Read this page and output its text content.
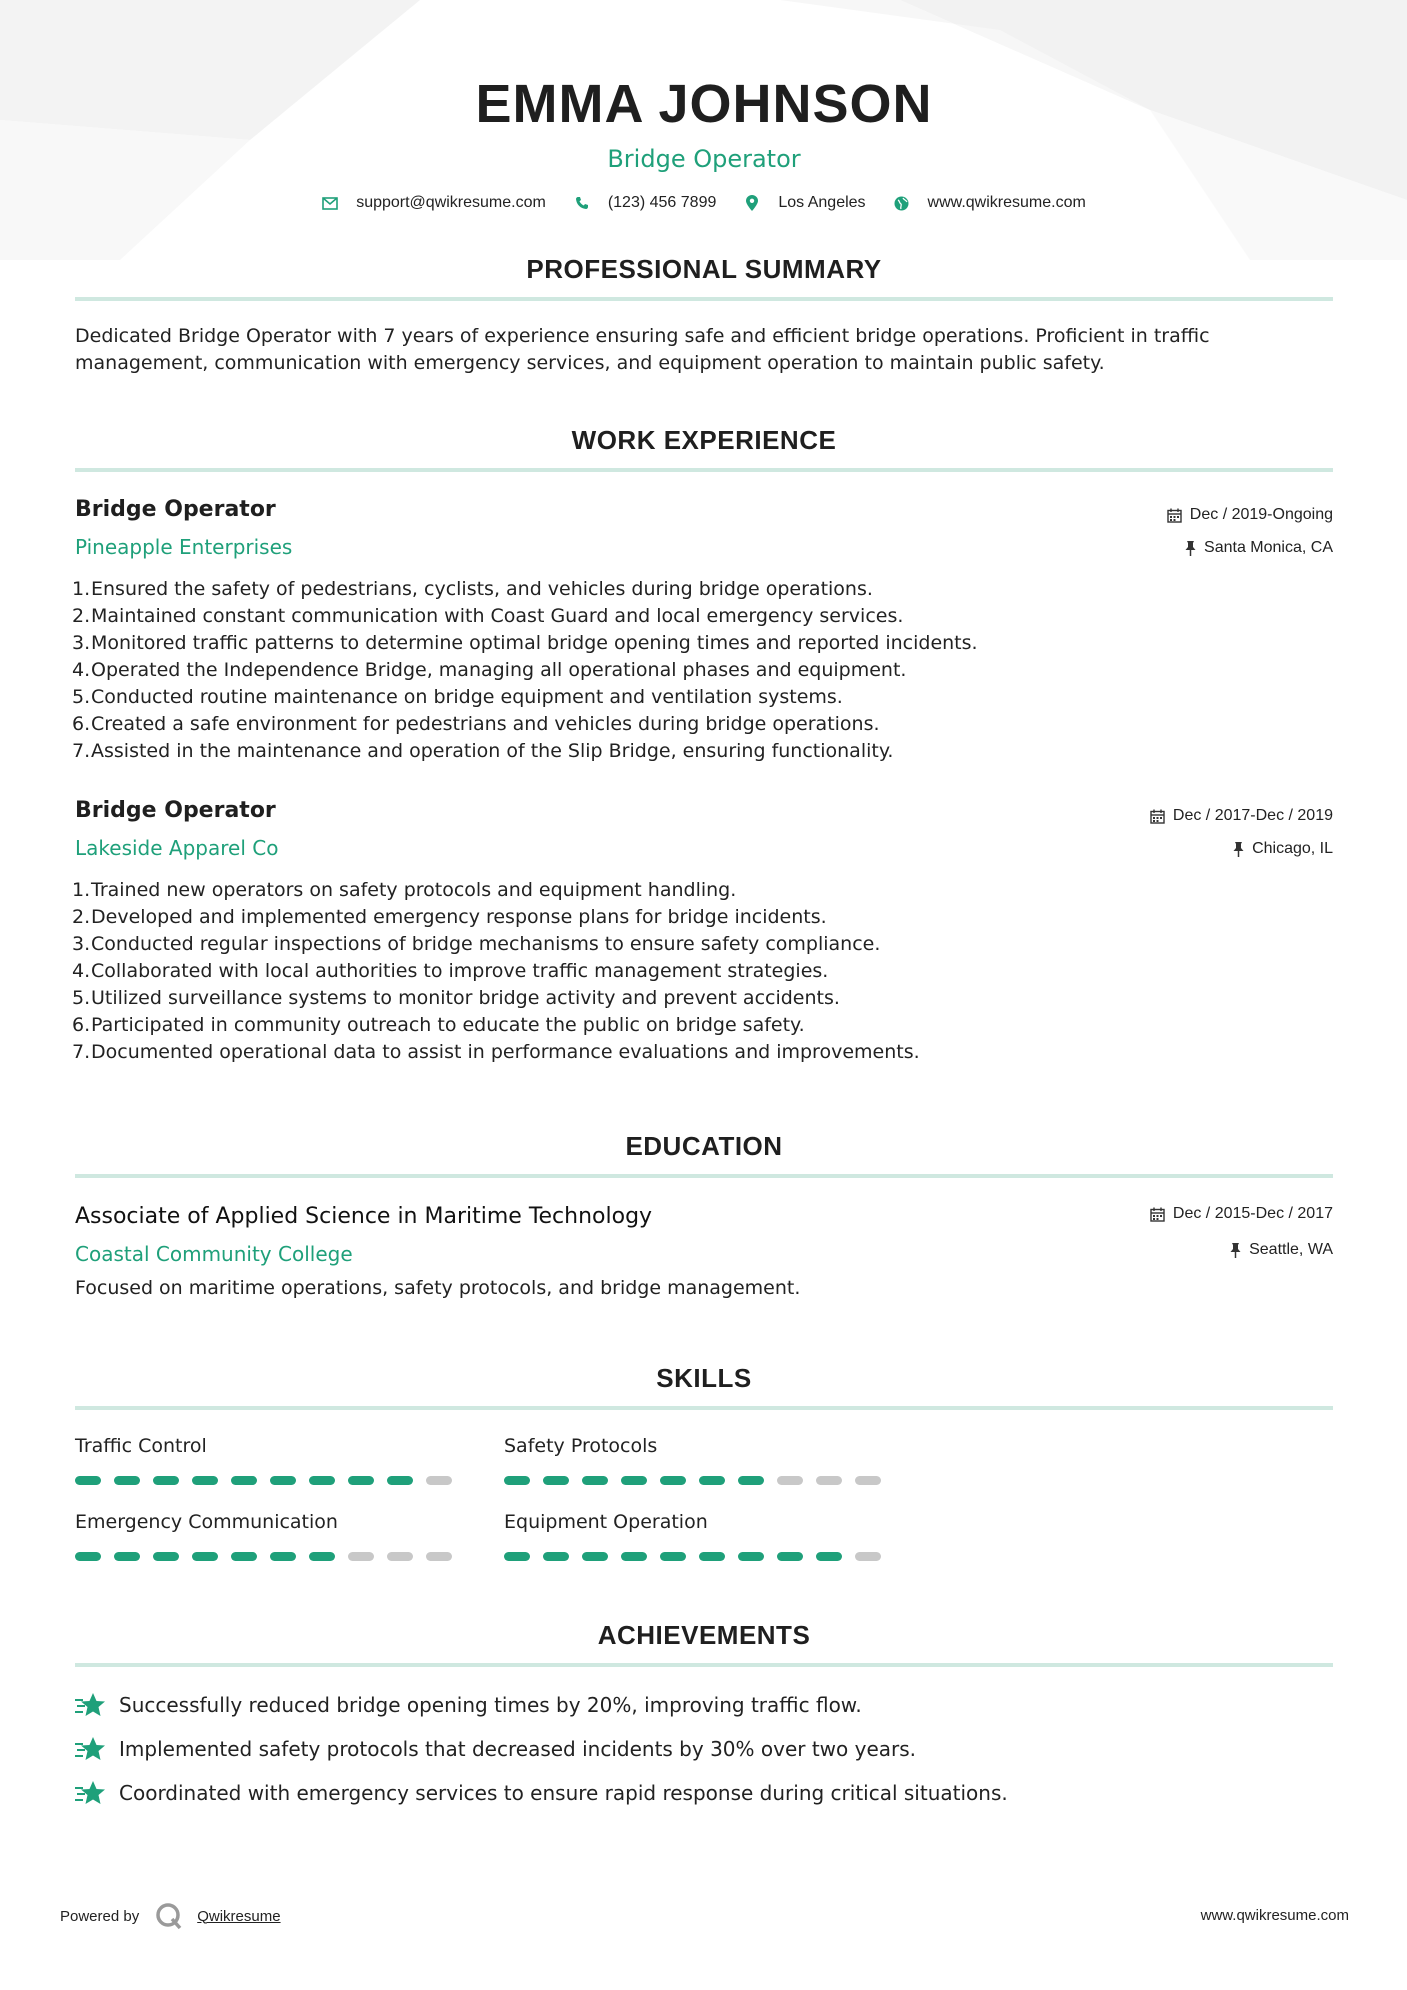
EMMA JOHNSON
Bridge Operator
support@qwikresume.com	(123) 456 7899	Los Angeles	www.qwikresume.com
PROFESSIONAL SUMMARY
Dedicated Bridge Operator with 7 years of experience ensuring safe and efficient bridge operations. Proficient in traffic management, communication with emergency services, and equipment operation to maintain public safety.
WORK EXPERIENCE
Bridge Operator
Pineapple Enterprises
Dec / 2019-Ongoing
Santa Monica, CA
1. Ensured the safety of pedestrians, cyclists, and vehicles during bridge operations.
2. Maintained constant communication with Coast Guard and local emergency services.
3. Monitored traffic patterns to determine optimal bridge opening times and reported incidents.
4. Operated the Independence Bridge, managing all operational phases and equipment.
5. Conducted routine maintenance on bridge equipment and ventilation systems.
6. Created a safe environment for pedestrians and vehicles during bridge operations.
7. Assisted in the maintenance and operation of the Slip Bridge, ensuring functionality.
Bridge Operator
Lakeside Apparel Co
Dec / 2017-Dec / 2019
Chicago, IL
1. Trained new operators on safety protocols and equipment handling.
2. Developed and implemented emergency response plans for bridge incidents.
3. Conducted regular inspections of bridge mechanisms to ensure safety compliance.
4. Collaborated with local authorities to improve traffic management strategies.
5. Utilized surveillance systems to monitor bridge activity and prevent accidents.
6. Participated in community outreach to educate the public on bridge safety.
7. Documented operational data to assist in performance evaluations and improvements.
EDUCATION
Associate of Applied Science in Maritime Technology
Coastal Community College
Focused on maritime operations, safety protocols, and bridge management.
Dec / 2015-Dec / 2017
Seattle, WA
SKILLS
Traffic Control	Safety Protocols
Emergency Communication	Equipment Operation
ACHIEVEMENTS
Successfully reduced bridge opening times by 20%, improving traffic flow.
Implemented safety protocols that decreased incidents by 30% over two years.
Coordinated with emergency services to ensure rapid response during critical situations.
Powered by	Qwikresume	www.qwikresume.com
